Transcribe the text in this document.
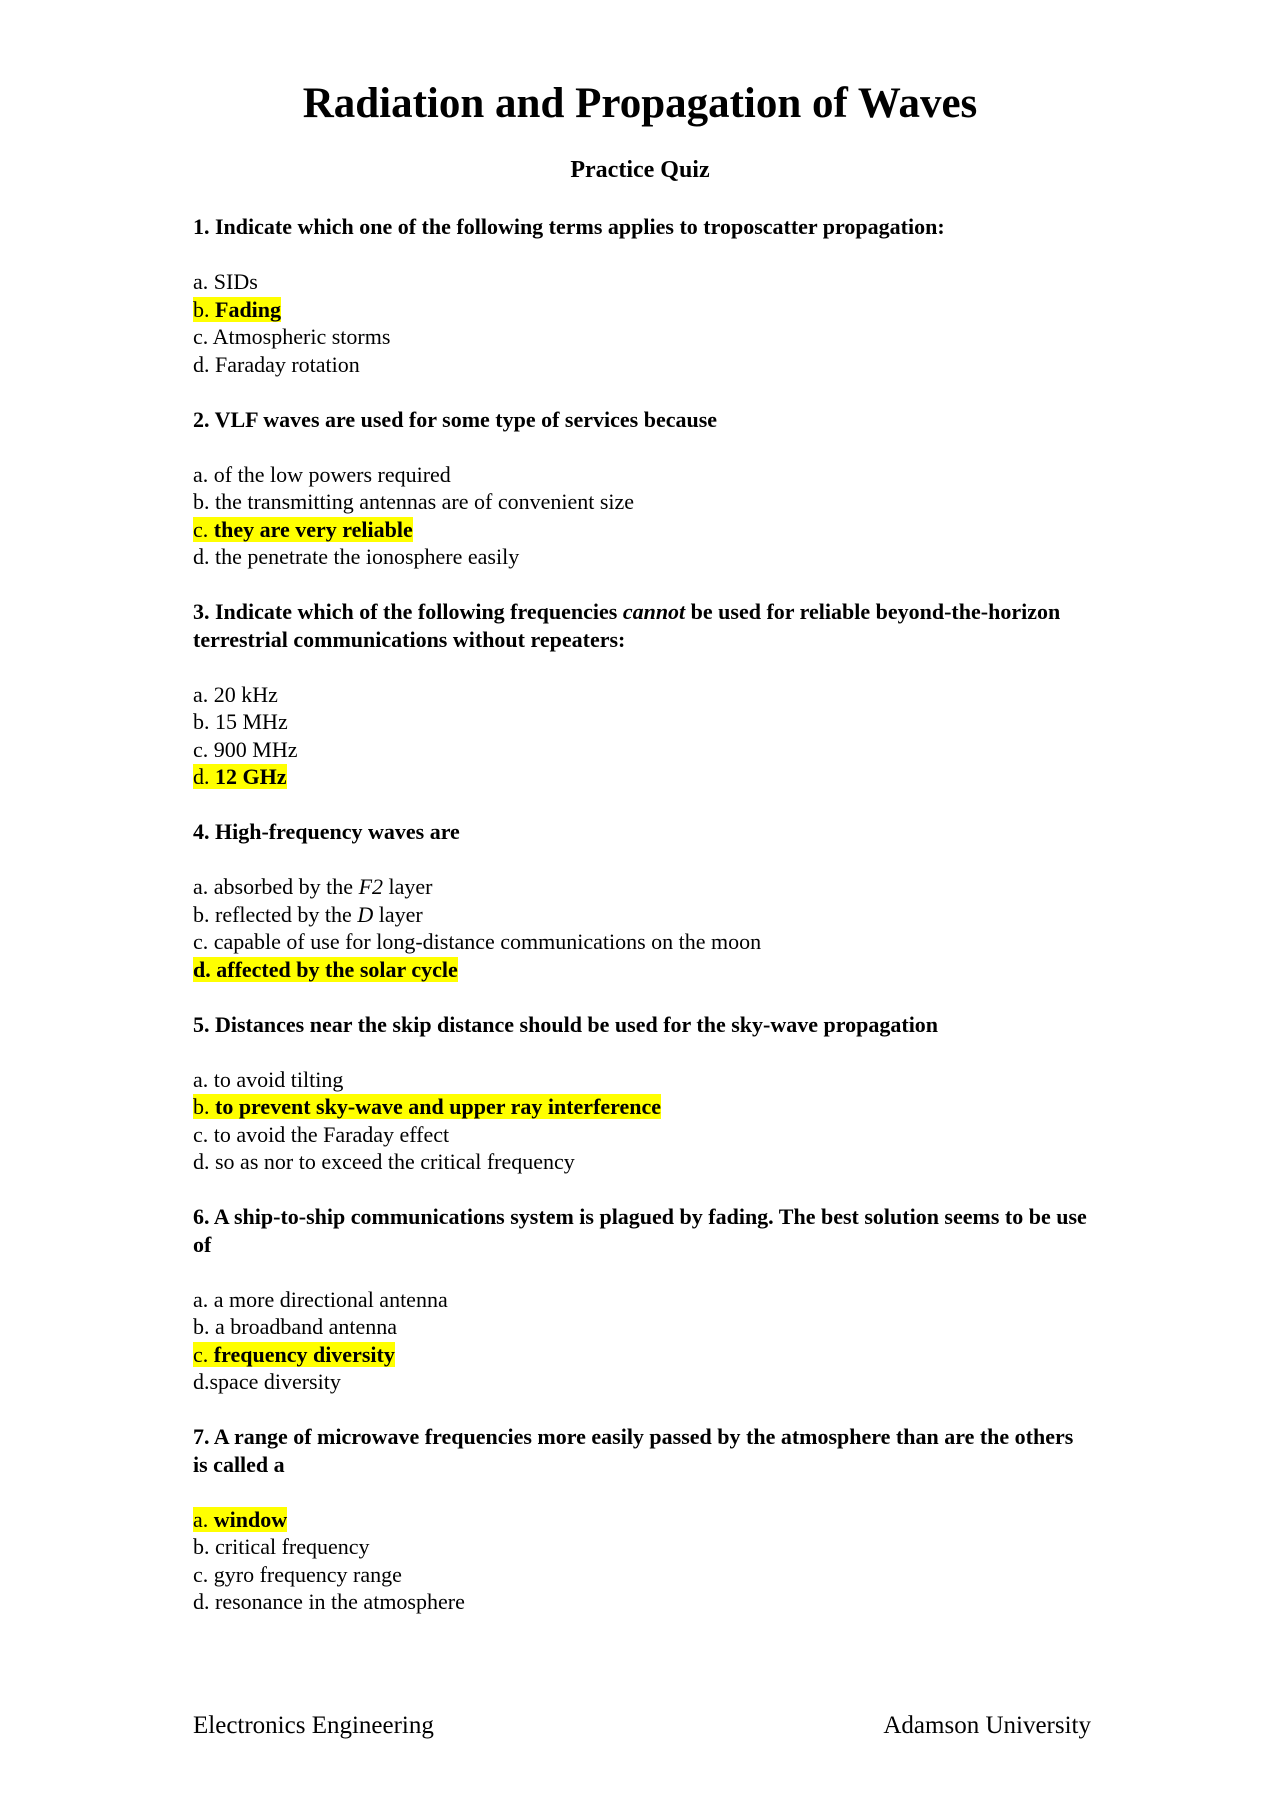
Radiation and Propagation of Waves
Practice Quiz

1. Indicate which one of the following terms applies to troposcatter propagation:

a. SIDs
b. Fading
c. Atmospheric storms
d. Faraday rotation

2. VLF waves are used for some type of services because

a. of the low powers required
b. the transmitting antennas are of convenient size
c. they are very reliable
d. the penetrate the ionosphere easily

3. Indicate which of the following frequencies cannot be used for reliable beyond-the-horizon terrestrial communications without repeaters:

a. 20 kHz
b. 15 MHz
c. 900 MHz
d. 12 GHz

4. High-frequency waves are

a. absorbed by the F2 layer
b. reflected by the D layer
c. capable of use for long-distance communications on the moon
d. affected by the solar cycle

5. Distances near the skip distance should be used for the sky-wave propagation

a. to avoid tilting
b. to prevent sky-wave and upper ray interference
c. to avoid the Faraday effect
d. so as nor to exceed the critical frequency

6. A ship-to-ship communications system is plagued by fading. The best solution seems to be use of

a. a more directional antenna
b. a broadband antenna
c. frequency diversity
d.space diversity

7. A range of microwave frequencies more easily passed by the atmosphere than are the others is called a

a. window
b. critical frequency
c. gyro frequency range
d. resonance in the atmosphere
Electronics Engineering	Adamson University
